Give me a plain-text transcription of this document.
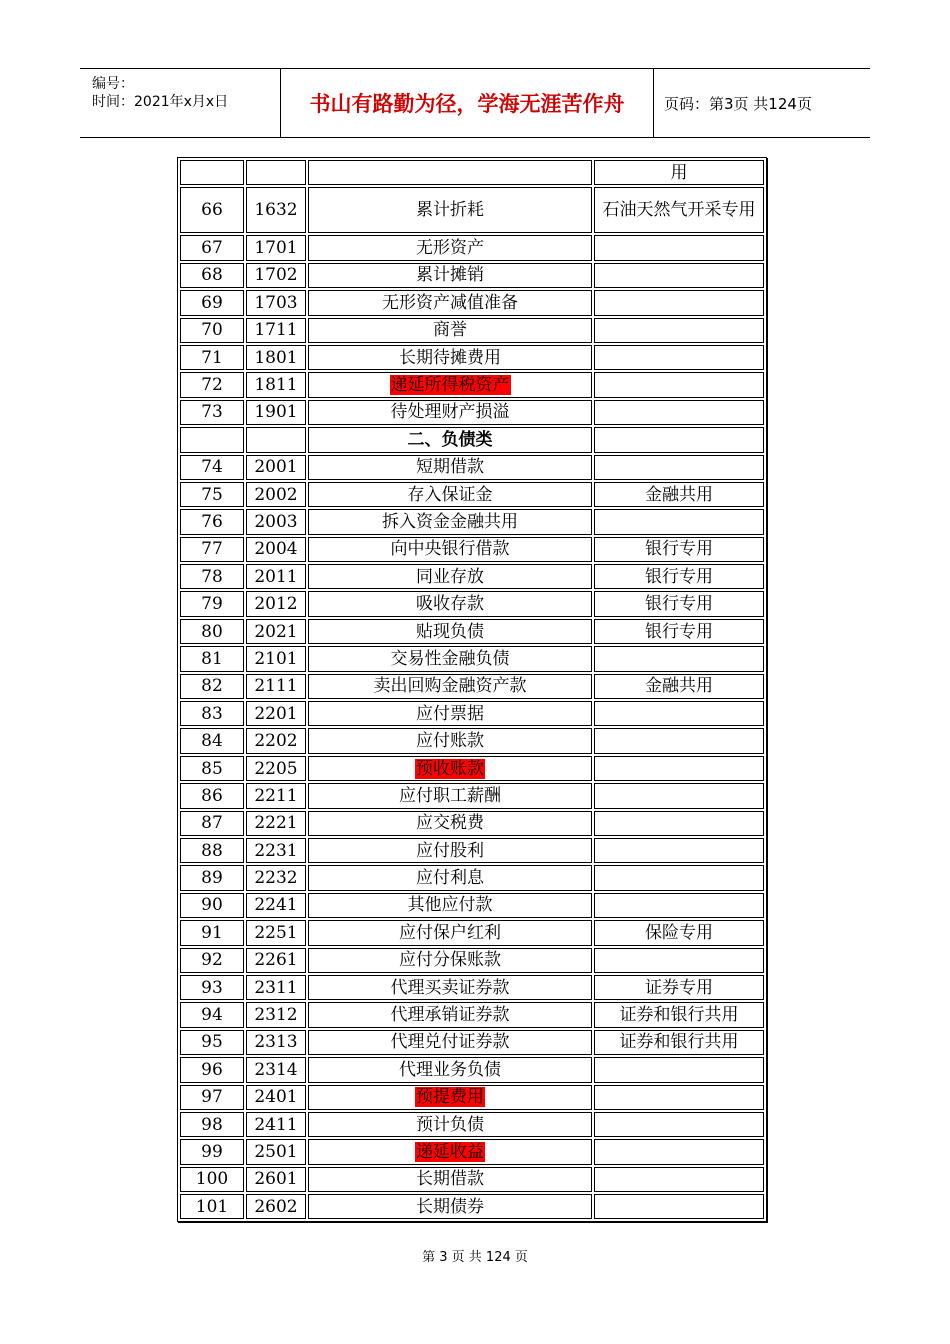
编号：
时间：2021年x月x日	书山有路勤为径，学海无涯苦作舟	页码：第3页 共124页
			用
66	1632	累计折耗	石油天然气开采专用
67	1701	无形资产	
68	1702	累计摊销	
69	1703	无形资产减值准备	
70	1711	商誉	
71	1801	长期待摊费用	
72	1811	递延所得税资产	
73	1901	待处理财产损溢	
		二、负债类	
74	2001	短期借款	
75	2002	存入保证金	金融共用
76	2003	拆入资金金融共用	
77	2004	向中央银行借款	银行专用
78	2011	同业存放	银行专用
79	2012	吸收存款	银行专用
80	2021	贴现负债	银行专用
81	2101	交易性金融负债	
82	2111	卖出回购金融资产款	金融共用
83	2201	应付票据	
84	2202	应付账款	
85	2205	预收账款	
86	2211	应付职工薪酬	
87	2221	应交税费	
88	2231	应付股利	
89	2232	应付利息	
90	2241	其他应付款	
91	2251	应付保户红利	保险专用
92	2261	应付分保账款	
93	2311	代理买卖证券款	证券专用
94	2312	代理承销证券款	证券和银行共用
95	2313	代理兑付证券款	证券和银行共用
96	2314	代理业务负债	
97	2401	预提费用	
98	2411	预计负债	
99	2501	递延收益	
100	2601	长期借款	
101	2602	长期债券	
第 3 页 共 124 页
